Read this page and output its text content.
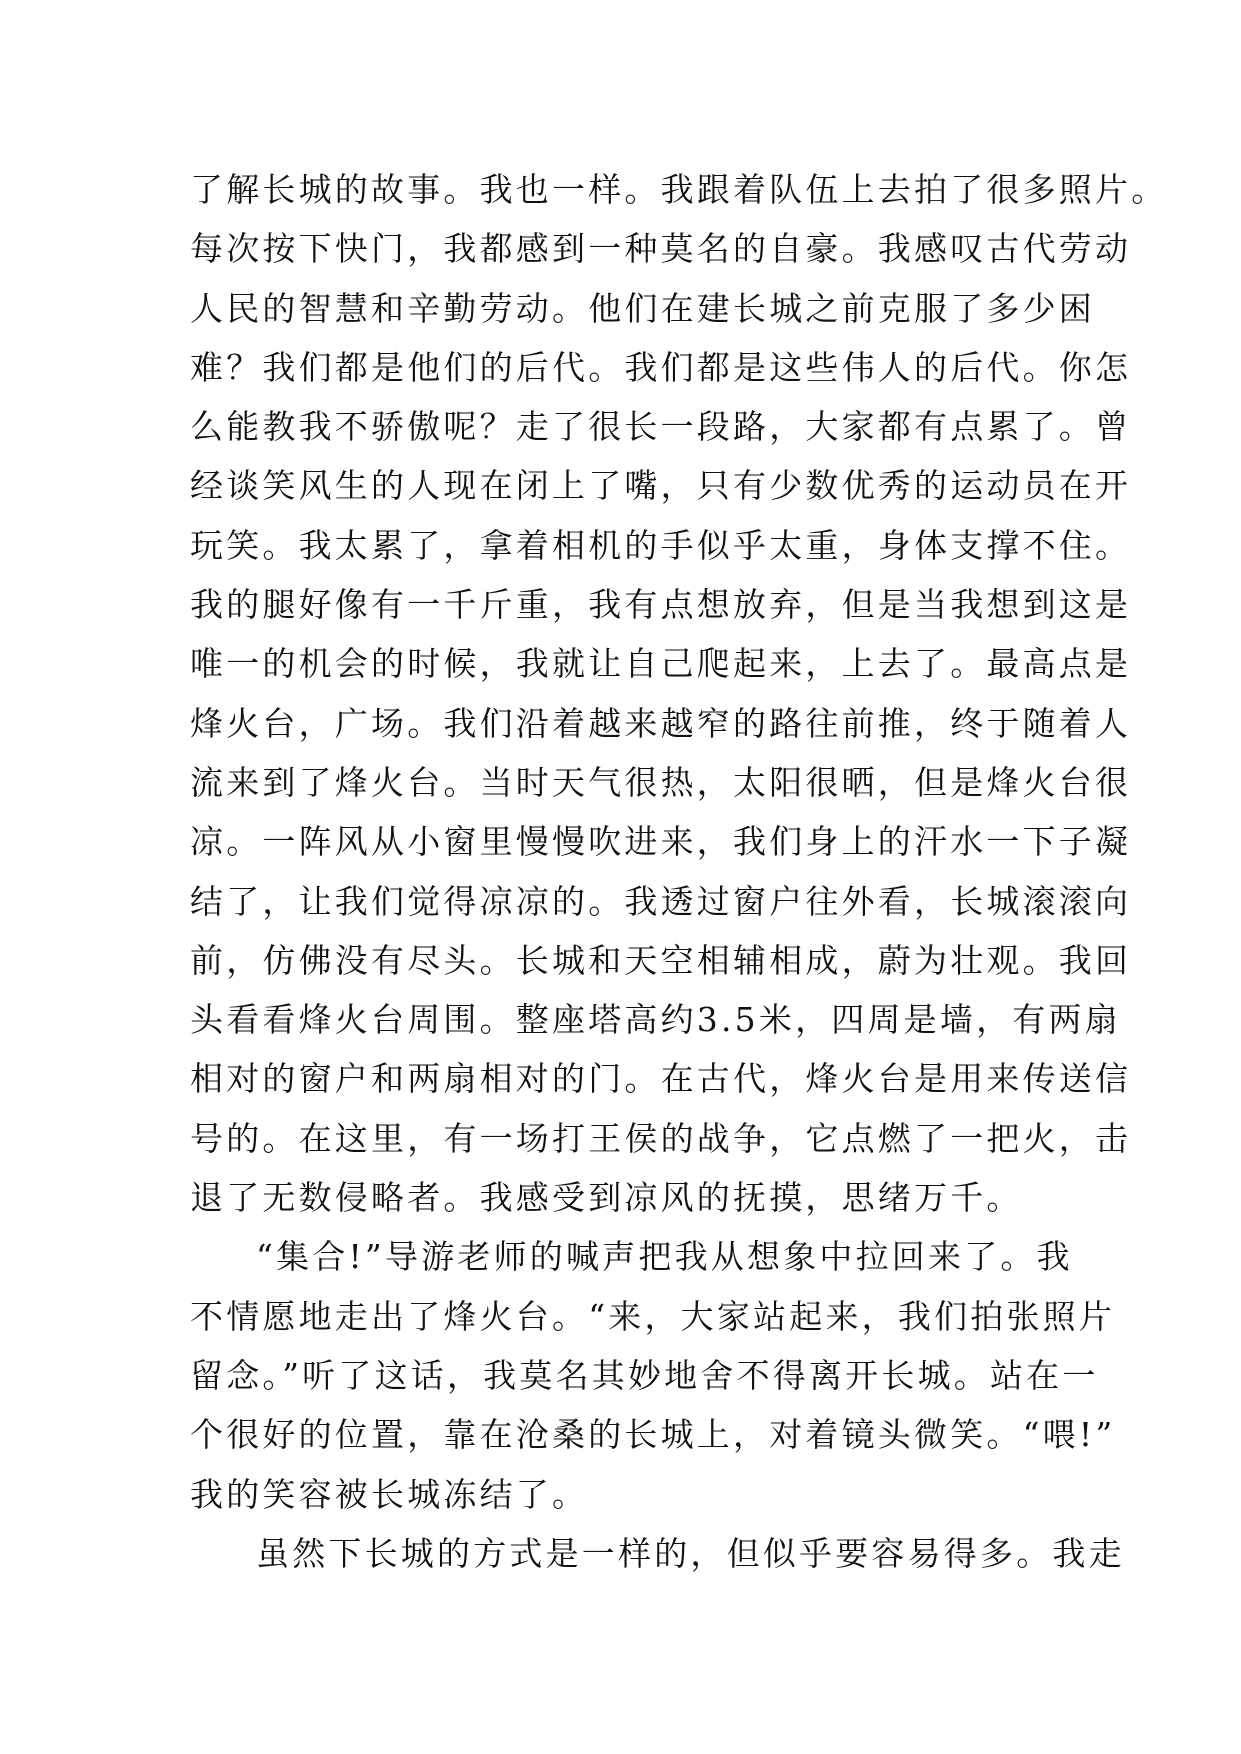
了解长城的故事。我也一样。我跟着队伍上去拍了很多照片。
每次按下快门，我都感到一种莫名的自豪。我感叹古代劳动
人民的智慧和辛勤劳动。他们在建长城之前克服了多少困
难？我们都是他们的后代。我们都是这些伟人的后代。你怎
么能教我不骄傲呢？走了很长一段路，大家都有点累了。曾
经谈笑风生的人现在闭上了嘴，只有少数优秀的运动员在开
玩笑。我太累了，拿着相机的手似乎太重，身体支撑不住。
我的腿好像有一千斤重，我有点想放弃，但是当我想到这是
唯一的机会的时候，我就让自己爬起来，上去了。最高点是
烽火台，广场。我们沿着越来越窄的路往前推，终于随着人
流来到了烽火台。当时天气很热，太阳很晒，但是烽火台很
凉。一阵风从小窗里慢慢吹进来，我们身上的汗水一下子凝
结了，让我们觉得凉凉的。我透过窗户往外看，长城滚滚向
前，仿佛没有尽头。长城和天空相辅相成，蔚为壮观。我回
头看看烽火台周围。整座塔高约3.5米，四周是墙，有两扇
相对的窗户和两扇相对的门。在古代，烽火台是用来传送信
号的。在这里，有一场打王侯的战争，它点燃了一把火，击
退了无数侵略者。我感受到凉风的抚摸，思绪万千。
“集合!”导游老师的喊声把我从想象中拉回来了。我
不情愿地走出了烽火台。“来，大家站起来，我们拍张照片
留念。”听了这话，我莫名其妙地舍不得离开长城。站在一
个很好的位置，靠在沧桑的长城上，对着镜头微笑。“喂!”
我的笑容被长城冻结了。
虽然下长城的方式是一样的，但似乎要容易得多。我走
